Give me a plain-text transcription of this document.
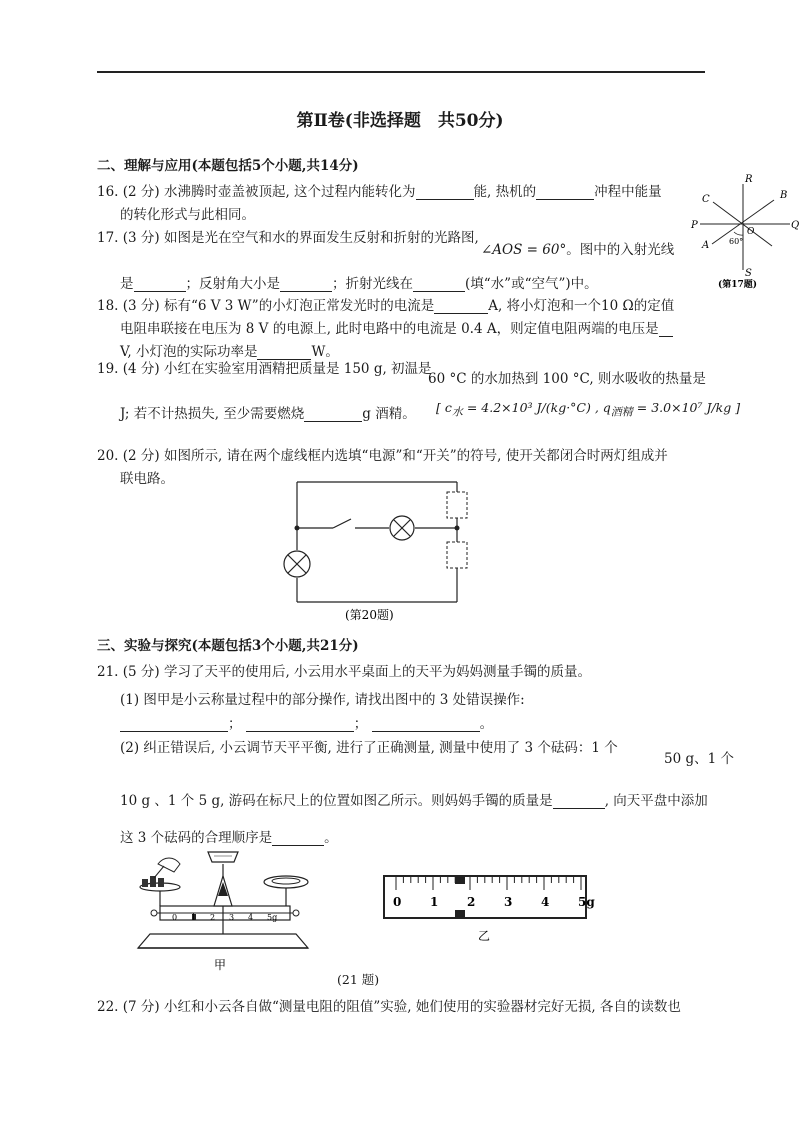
第Ⅱ卷(非选择题　共50分)
二、理解与应用(本题包括5个小题,共14分)
16. (2 分) 水沸腾时壶盖被顶起, 这个过程内能转化为	能, 热机的	冲程中能量
的转化形式与此相同。
17. (3 分) 如图是光在空气和水的界面发生反射和折射的光路图,
∠AOS = 60°。图中的入射光线
是	；反射角大小是	；折射光线在	(填“水”或“空气”)中。
R
B
C
P	Q
O
A 60°
S
(第17题)
18. (3 分) 标有“6 V 3 W”的小灯泡正常发光时的电流是	A, 将小灯泡和一个10 Ω的定值
电阻串联接在电压为 8 V 的电源上, 此时电路中的电流是 0.4 A，则定值电阻两端的电压是
V, 小灯泡的实际功率是	W。
19. (4 分) 小红在实验室用酒精把质量是 150 g, 初温是
60 °C 的水加热到 100 °C, 则水吸收的热量是
J; 若不计热损失, 至少需要燃烧	g 酒精。 [ $c_水 = 4.2\times 10^3$ J/(kg·°C) , $q_{酒精} = 3.0\times 10^7$ J/kg ]
20. (2 分) 如图所示, 请在两个虚线框内选填“电源”和“开关”的符号, 使开关都闭合时两灯组成并
联电路。
(第20题)
三、实验与探究(本题包括3个小题,共21分)
21. (5 分) 学习了天平的使用后, 小云用水平桌面上的天平为妈妈测量手镯的质量。
(1) 图甲是小云称量过程中的部分操作, 请找出图中的 3 处错误操作:
；	；	。
(2) 纠正错误后, 小云调节天平平衡, 进行了正确测量, 测量中使用了 3 个砝码：1 个
50 g、1 个
10 g 、1 个 5 g, 游码在标尺上的位置如图乙所示。则妈妈手镯的质量是	, 向天平盘中添加
这 3 个砝码的合理顺序是	。
0 1 2 3 4 5g
甲
0 1 2 3 4 5g
乙
(21 题)
22. (7 分) 小红和小云各自做“测量电阻的阻值”实验, 她们使用的实验器材完好无损, 各自的读数也
